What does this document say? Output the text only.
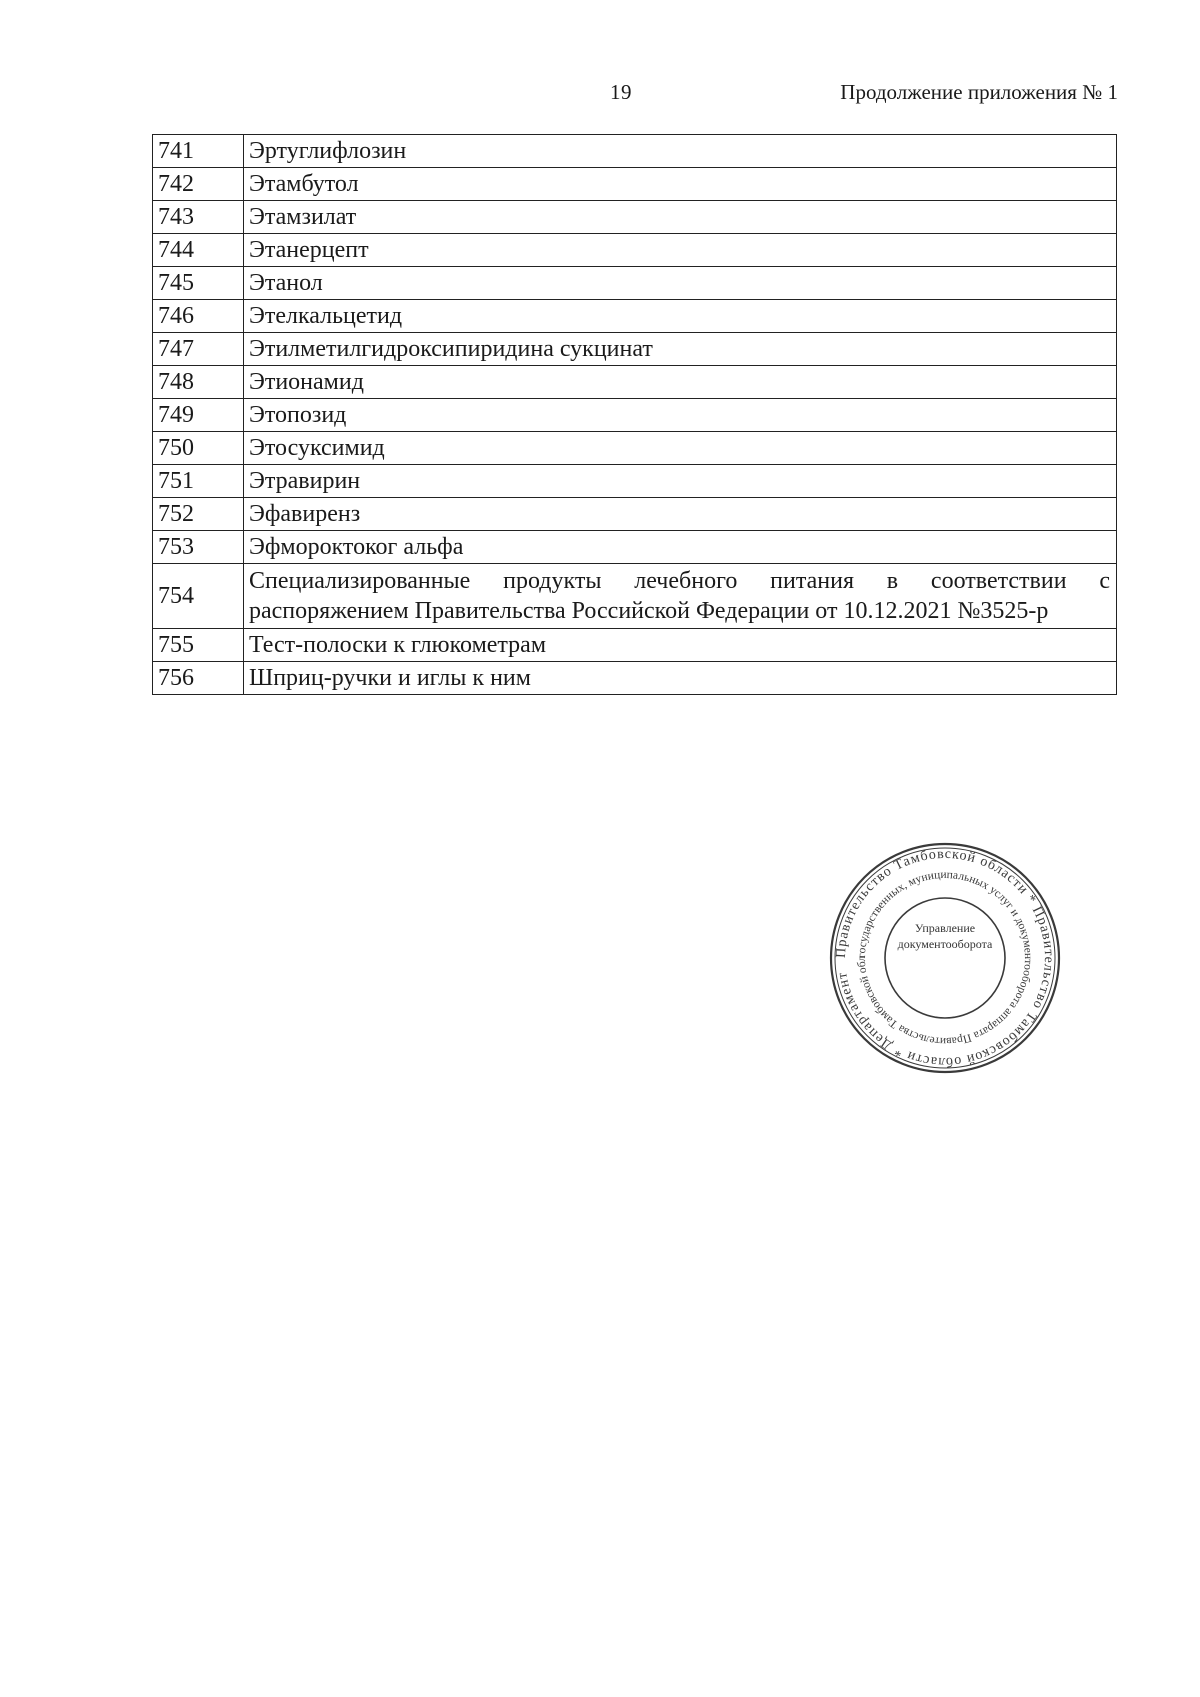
19	Продолжение приложения № 1
741	Эртуглифлозин
742	Этамбутол
743	Этамзилат
744	Этанерцепт
745	Этанол
746	Этелкальцетид
747	Этилметилгидроксипиридина сукцинат
748	Этионамид
749	Этопозид
750	Этосуксимид
751	Этравирин
752	Эфавиренз
753	Эфмороктоког альфа
754	Специализированные продукты лечебного питания в соответствии с распоряжением Правительства Российской Федерации от 10.12.2021 №3525-р
755	Тест-полоски к глюкометрам
756	Шприц-ручки и иглы к ним
Правительство Тамбовской области * Правительство Тамбовской области * Департамент
государственных, муниципальных услуг и документооборота аппарата Правительства Тамбовской обл
Управление
документооборота
